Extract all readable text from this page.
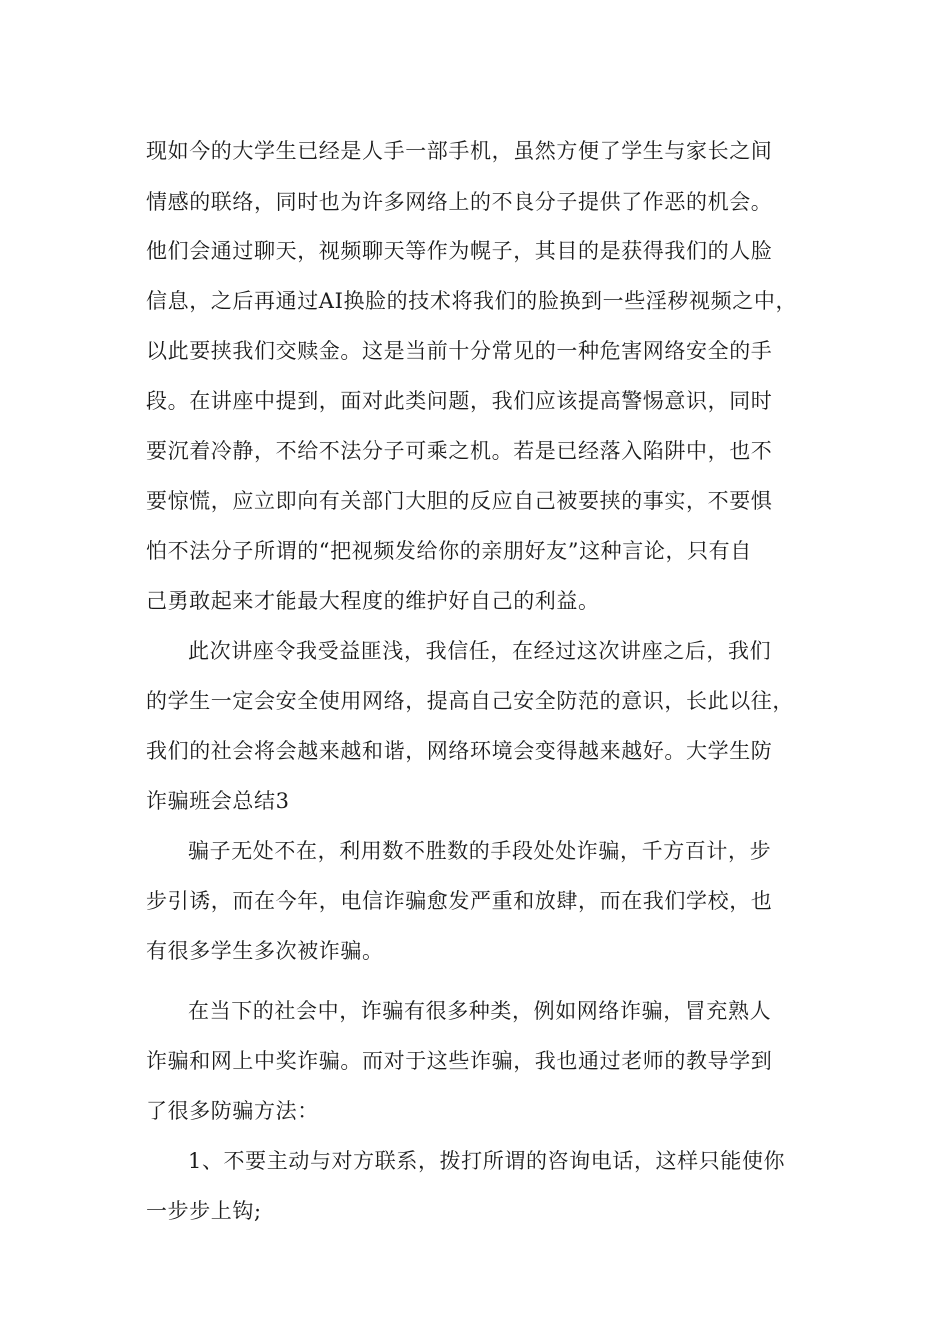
现如今的大学生已经是人手一部手机，虽然方便了学生与家长之间
情感的联络，同时也为许多网络上的不良分子提供了作恶的机会。
他们会通过聊天，视频聊天等作为幌子，其目的是获得我们的人脸
信息，之后再通过AI换脸的技术将我们的脸换到一些淫秽视频之中，
以此要挟我们交赎金。这是当前十分常见的一种危害网络安全的手
段。在讲座中提到，面对此类问题，我们应该提高警惕意识，同时
要沉着冷静，不给不法分子可乘之机。若是已经落入陷阱中，也不
要惊慌，应立即向有关部门大胆的反应自己被要挟的事实，不要惧
怕不法分子所谓的“把视频发给你的亲朋好友”这种言论，只有自
己勇敢起来才能最大程度的维护好自己的利益。
此次讲座令我受益匪浅，我信任，在经过这次讲座之后，我们
的学生一定会安全使用网络，提高自己安全防范的意识，长此以往，
我们的社会将会越来越和谐，网络环境会变得越来越好。大学生防
诈骗班会总结3
骗子无处不在，利用数不胜数的手段处处诈骗，千方百计，步
步引诱，而在今年，电信诈骗愈发严重和放肆，而在我们学校，也
有很多学生多次被诈骗。
在当下的社会中，诈骗有很多种类，例如网络诈骗，冒充熟人
诈骗和网上中奖诈骗。而对于这些诈骗，我也通过老师的教导学到
了很多防骗方法：
1、不要主动与对方联系，拨打所谓的咨询电话，这样只能使你
一步步上钩;
